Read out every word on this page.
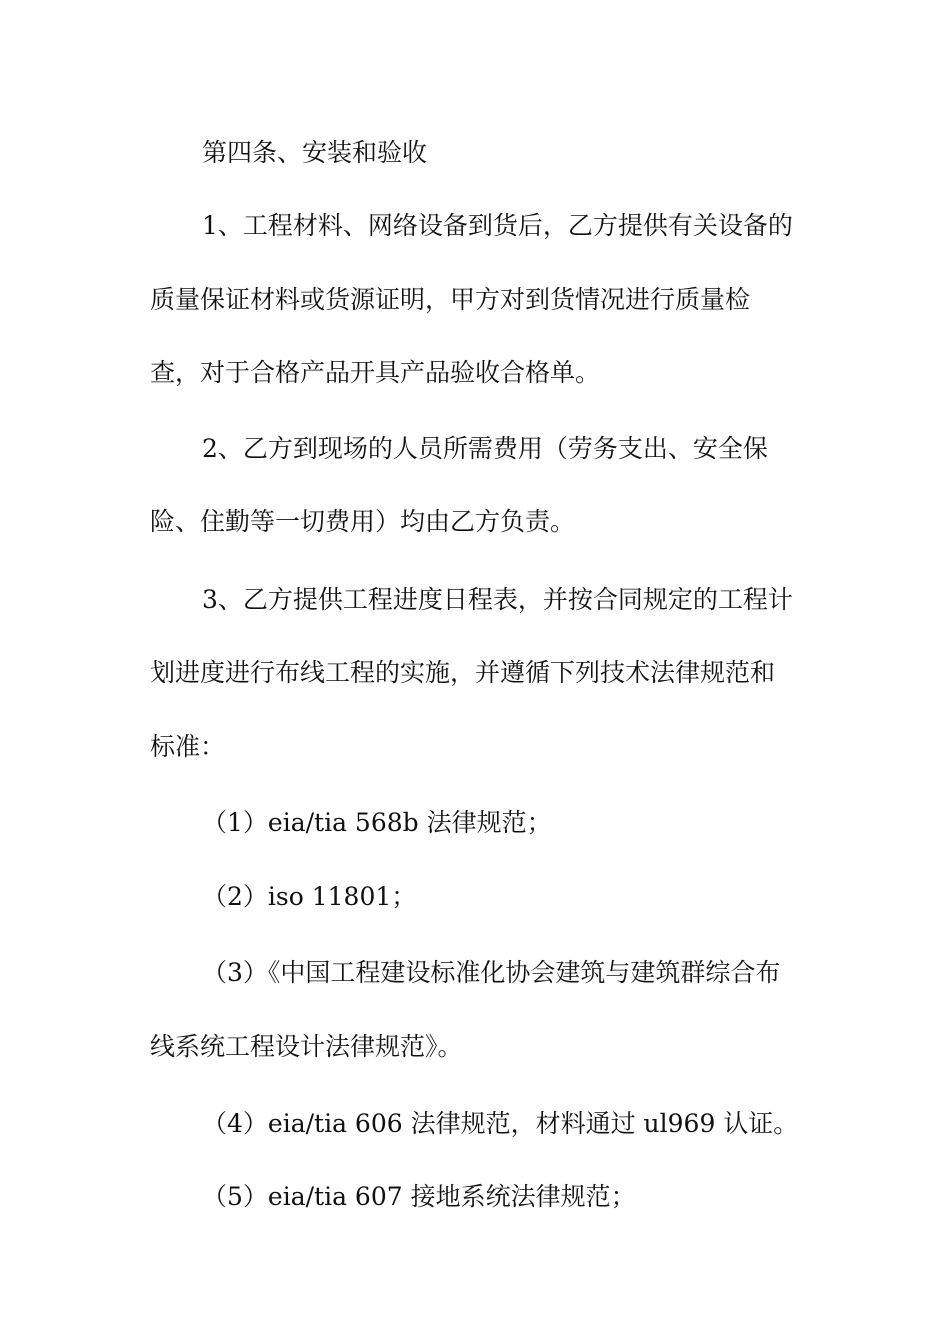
第四条、安装和验收
1、工程材料、网络设备到货后，乙方提供有关设备的
质量保证材料或货源证明，甲方对到货情况进行质量检
查，对于合格产品开具产品验收合格单。
2、乙方到现场的人员所需费用（劳务支出、安全保
险、住勤等一切费用）均由乙方负责。
3、乙方提供工程进度日程表，并按合同规定的工程计
划进度进行布线工程的实施，并遵循下列技术法律规范和
标准：
（1）eia/tia 568b 法律规范；
（2）iso 11801；
（3）《中国工程建设标准化协会建筑与建筑群综合布
线系统工程设计法律规范》。
（4）eia/tia 606 法律规范，材料通过 ul969 认证。
（5）eia/tia 607 接地系统法律规范；
